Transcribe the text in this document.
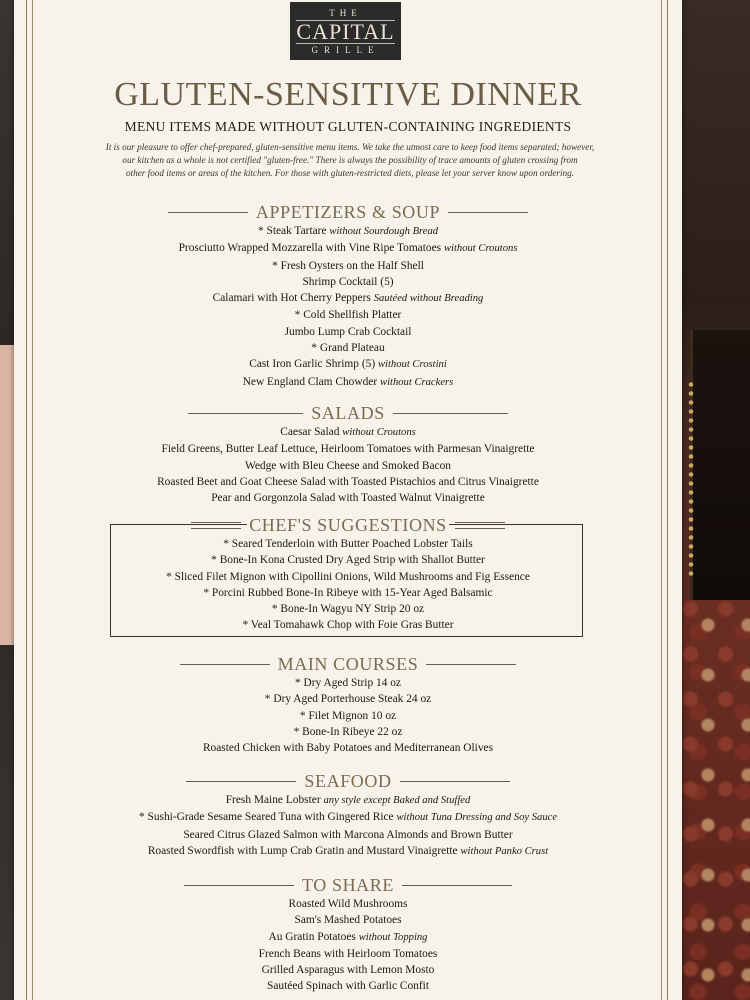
THE
CAPITAL
GRILLE
GLUTEN-SENSITIVE DINNER
MENU ITEMS MADE WITHOUT GLUTEN-CONTAINING INGREDIENTS
It is our pleasure to offer chef-prepared, gluten-sensitive menu items. We take the utmost care to keep food items separated; however,
our kitchen as a whole is not certified "gluten-free." There is always the possibility of trace amounts of gluten crossing from
other food items or areas of the kitchen. For those with gluten-restricted diets, please let your server know upon ordering.
APPETIZERS & SOUP
* Steak Tartare without Sourdough Bread
Prosciutto Wrapped Mozzarella with Vine Ripe Tomatoes without Croutons
* Fresh Oysters on the Half Shell
Shrimp Cocktail (5)
Calamari with Hot Cherry Peppers Sautéed without Breading
* Cold Shellfish Platter
Jumbo Lump Crab Cocktail
* Grand Plateau
Cast Iron Garlic Shrimp (5) without Crostini
New England Clam Chowder without Crackers
SALADS
Caesar Salad without Croutons
Field Greens, Butter Leaf Lettuce, Heirloom Tomatoes with Parmesan Vinaigrette
Wedge with Bleu Cheese and Smoked Bacon
Roasted Beet and Goat Cheese Salad with Toasted Pistachios and Citrus Vinaigrette
Pear and Gorgonzola Salad with Toasted Walnut Vinaigrette
CHEF'S SUGGESTIONS
* Seared Tenderloin with Butter Poached Lobster Tails
* Bone-In Kona Crusted Dry Aged Strip with Shallot Butter
* Sliced Filet Mignon with Cipollini Onions, Wild Mushrooms and Fig Essence
* Porcini Rubbed Bone-In Ribeye with 15-Year Aged Balsamic
* Bone-In Wagyu NY Strip 20 oz
* Veal Tomahawk Chop with Foie Gras Butter
MAIN COURSES
* Dry Aged Strip 14 oz
* Dry Aged Porterhouse Steak 24 oz
* Filet Mignon 10 oz
* Bone-In Ribeye 22 oz
Roasted Chicken with Baby Potatoes and Mediterranean Olives
SEAFOOD
Fresh Maine Lobster any style except Baked and Stuffed
* Sushi-Grade Sesame Seared Tuna with Gingered Rice without Tuna Dressing and Soy Sauce
Seared Citrus Glazed Salmon with Marcona Almonds and Brown Butter
Roasted Swordfish with Lump Crab Gratin and Mustard Vinaigrette without Panko Crust
TO SHARE
Roasted Wild Mushrooms
Sam's Mashed Potatoes
Au Gratin Potatoes without Topping
French Beans with Heirloom Tomatoes
Grilled Asparagus with Lemon Mosto
Sautéed Spinach with Garlic Confit
